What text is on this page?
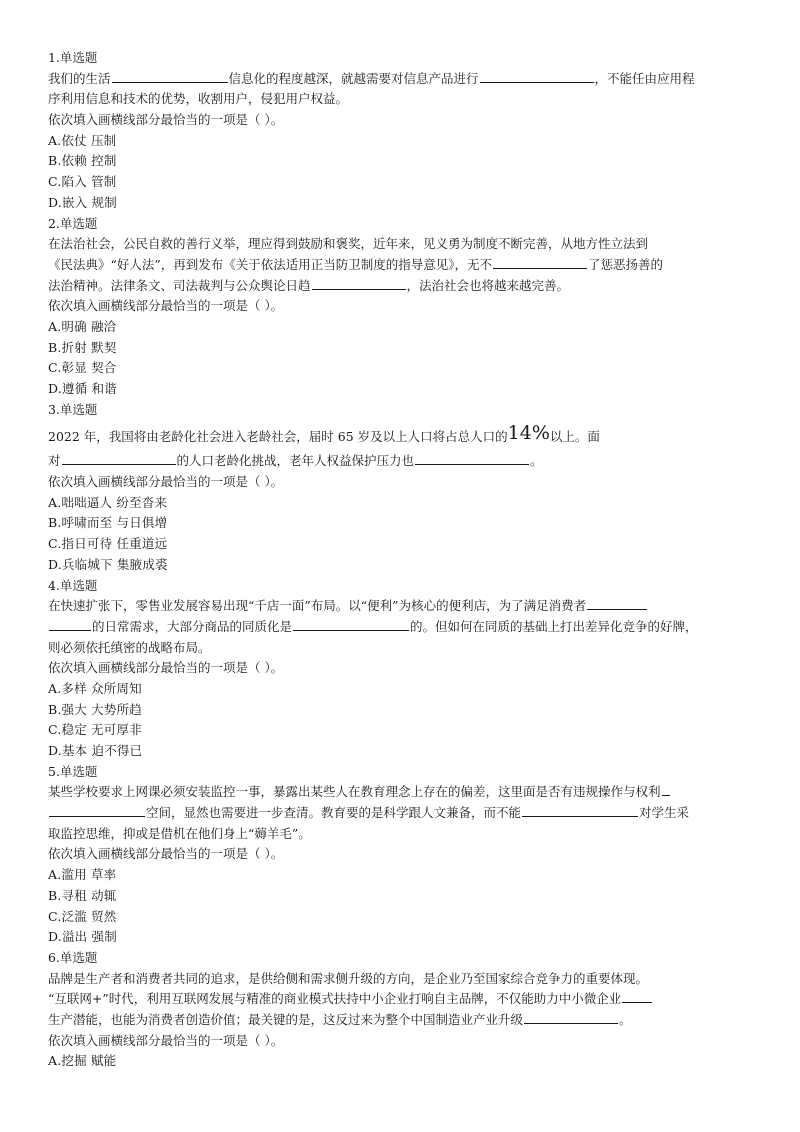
1.单选题
我们的生活	信息化的程度越深，就越需要对信息产品进行	，不能任由应用程
序利用信息和技术的优势，收割用户，侵犯用户权益。
依次填入画横线部分最恰当的一项是（ ）。
A.依仗 压制
B.依赖 控制
C.陷入 管制
D.嵌入 规制
2.单选题
在法治社会，公民自救的善行义举，理应得到鼓励和褒奖，近年来，见义勇为制度不断完善，从地方性立法到
《民法典》“好人法”，再到发布《关于依法适用正当防卫制度的指导意见》，无不	了惩恶扬善的
法治精神。法律条文、司法裁判与公众舆论日趋	，法治社会也将越来越完善。
依次填入画横线部分最恰当的一项是（ ）。
A.明确 融洽
B.折射 默契
C.彰显 契合
D.遵循 和谐
3.单选题
2022 年，我国将由老龄化社会进入老龄社会，届时 65 岁及以上人口将占总人口的14%以上。面
对	的人口老龄化挑战，老年人权益保护压力也	。
依次填入画横线部分最恰当的一项是（ ）。
A.咄咄逼人 纷至沓来
B.呼啸而至 与日俱增
C.指日可待 任重道远
D.兵临城下 集腋成裘
4.单选题
在快速扩张下，零售业发展容易出现“千店一面”布局。以“便利”为核心的便利店，为了满足消费者
的日常需求，大部分商品的同质化是	的。但如何在同质的基础上打出差异化竞争的好牌，
则必须依托缜密的战略布局。
依次填入画横线部分最恰当的一项是（ ）。
A.多样 众所周知
B.强大 大势所趋
C.稳定 无可厚非
D.基本 迫不得已
5.单选题
某些学校要求上网课必须安装监控一事，暴露出某些人在教育理念上存在的偏差，这里面是否有违规操作与权利
空间，显然也需要进一步查清。教育要的是科学跟人文兼备，而不能	对学生采
取监控思维，抑或是借机在他们身上“薅羊毛”。
依次填入画横线部分最恰当的一项是（ ）。
A.滥用 草率
B.寻租 动辄
C.泛滥 贸然
D.溢出 强制
6.单选题
品牌是生产者和消费者共同的追求，是供给侧和需求侧升级的方向，是企业乃至国家综合竞争力的重要体现。
“互联网+”时代，利用互联网发展与精准的商业模式扶持中小企业打响自主品牌，不仅能助力中小微企业
生产潜能，也能为消费者创造价值；最关键的是，这反过来为整个中国制造业产业升级	。
依次填入画横线部分最恰当的一项是（ ）。
A.挖掘 赋能
